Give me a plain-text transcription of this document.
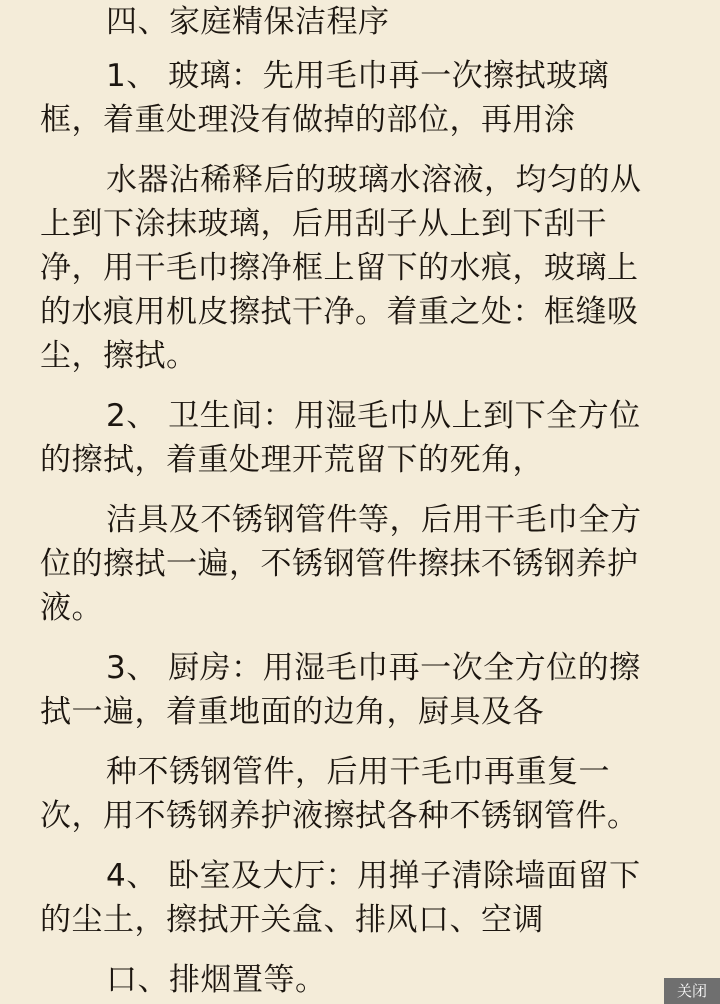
四、家庭精保洁程序
1、 玻璃：先用毛巾再一次擦拭玻璃
框，着重处理没有做掉的部位，再用涂
水器沾稀释后的玻璃水溶液，均匀的从
上到下涂抹玻璃，后用刮子从上到下刮干
净，用干毛巾擦净框上留下的水痕，玻璃上
的水痕用机皮擦拭干净。着重之处：框缝吸
尘，擦拭。
2、 卫生间：用湿毛巾从上到下全方位
的擦拭，着重处理开荒留下的死角，
洁具及不锈钢管件等，后用干毛巾全方
位的擦拭一遍，不锈钢管件擦抹不锈钢养护
液。
3、 厨房：用湿毛巾再一次全方位的擦
拭一遍，着重地面的边角，厨具及各
种不锈钢管件，后用干毛巾再重复一
次，用不锈钢养护液擦拭各种不锈钢管件。
4、 卧室及大厅：用掸子清除墙面留下
的尘土，擦拭开关盒、排风口、空调
口、排烟置等。	关闭
